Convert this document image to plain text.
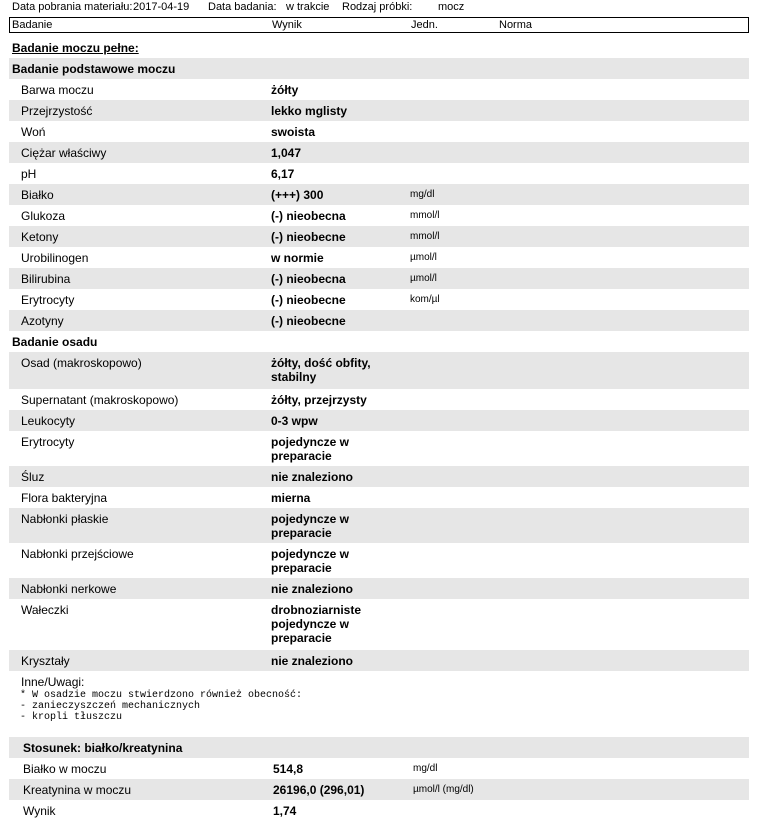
Data pobrania materiału: 2017-04-19 Data badania: w trakcie Rodzaj próbki: mocz
Badanie	Wynik	Jedn.	Norma
Badanie moczu pełne:
Badanie podstawowe moczu
Barwa moczu	żółty
Przejrzystość	lekko mglisty
Woń	swoista
Ciężar właściwy	1,047
pH	6,17
Białko	(+++) 300	mg/dl
Glukoza	(-) nieobecna	mmol/l
Ketony	(-) nieobecne	mmol/l
Urobilinogen	w normie	µmol/l
Bilirubina	(-) nieobecna	µmol/l
Erytrocyty	(-) nieobecne	kom/µl
Azotyny	(-) nieobecne
Badanie osadu
Osad (makroskopowo)	żółty, dość obfity, stabilny
Supernatant (makroskopowo)	żółty, przejrzysty
Leukocyty	0-3 wpw
Erytrocyty	pojedyncze w preparacie
Śluz	nie znaleziono
Flora bakteryjna	mierna
Nabłonki płaskie	pojedyncze w preparacie
Nabłonki przejściowe	pojedyncze w preparacie
Nabłonki nerkowe	nie znaleziono
Wałeczki	drobnoziarniste pojedyncze w preparacie
Kryształy	nie znaleziono
Inne/Uwagi:
Stosunek: białko/kreatynina
Białko w moczu	514,8	mg/dl
Kreatynina w moczu	26196,0 (296,01)	µmol/l (mg/dl)
Wynik	1,74
* W osadzie moczu stwierdzono również obecność:
- zanieczyszczeń mechanicznych
- kropli tłuszczu
